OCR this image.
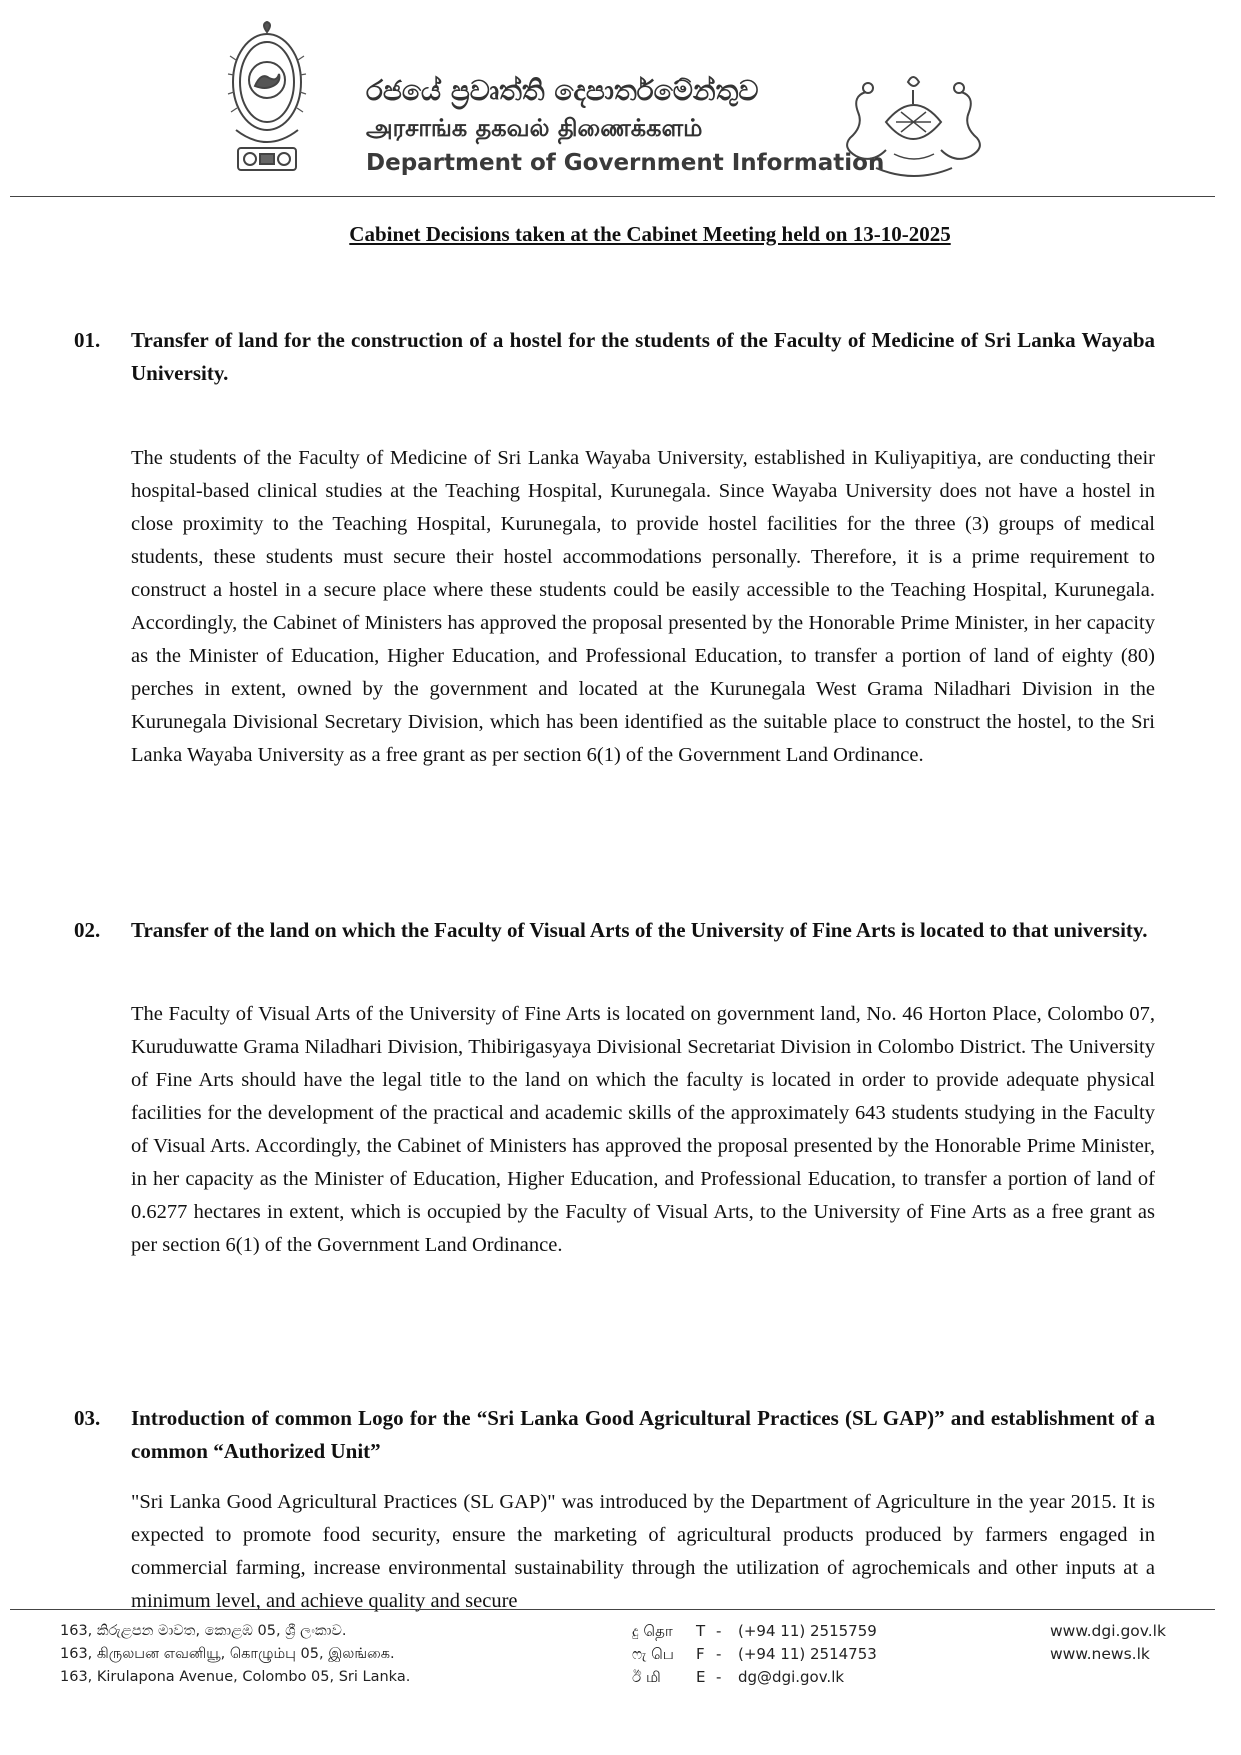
රජයේ ප්‍රවෘත්ති දෙපාර්තමේන්තුව
அரசாங்க தகவல் திணைக்களம்
Department of Government Information
Cabinet Decisions taken at the Cabinet Meeting held on 13-10-2025
01. Transfer of land for the construction of a hostel for the students of the Faculty of Medicine of Sri Lanka Wayaba University.
The students of the Faculty of Medicine of Sri Lanka Wayaba University, established in Kuliyapitiya, are conducting their hospital-based clinical studies at the Teaching Hospital, Kurunegala. Since Wayaba University does not have a hostel in close proximity to the Teaching Hospital, Kurunegala, to provide hostel facilities for the three (3) groups of medical students, these students must secure their hostel accommodations personally. Therefore, it is a prime requirement to construct a hostel in a secure place where these students could be easily accessible to the Teaching Hospital, Kurunegala. Accordingly, the Cabinet of Ministers has approved the proposal presented by the Honorable Prime Minister, in her capacity as the Minister of Education, Higher Education, and Professional Education, to transfer a portion of land of eighty (80) perches in extent, owned by the government and located at the Kurunegala West Grama Niladhari Division in the Kurunegala Divisional Secretary Division, which has been identified as the suitable place to construct the hostel, to the Sri Lanka Wayaba University as a free grant as per section 6(1) of the Government Land Ordinance.
02. Transfer of the land on which the Faculty of Visual Arts of the University of Fine Arts is located to that university.
The Faculty of Visual Arts of the University of Fine Arts is located on government land, No. 46 Horton Place, Colombo 07, Kuruduwatte Grama Niladhari Division, Thibirigasyaya Divisional Secretariat Division in Colombo District. The University of Fine Arts should have the legal title to the land on which the faculty is located in order to provide adequate physical facilities for the development of the practical and academic skills of the approximately 643 students studying in the Faculty of Visual Arts. Accordingly, the Cabinet of Ministers has approved the proposal presented by the Honorable Prime Minister, in her capacity as the Minister of Education, Higher Education, and Professional Education, to transfer a portion of land of 0.6277 hectares in extent, which is occupied by the Faculty of Visual Arts, to the University of Fine Arts as a free grant as per section 6(1) of the Government Land Ordinance.
03. Introduction of common Logo for the “Sri Lanka Good Agricultural Practices (SL GAP)” and establishment of a common “Authorized Unit”
"Sri Lanka Good Agricultural Practices (SL GAP)" was introduced by the Department of Agriculture in the year 2015. It is expected to promote food security, ensure the marketing of agricultural products produced by farmers engaged in commercial farming, increase environmental sustainability through the utilization of agrochemicals and other inputs at a minimum level, and achieve quality and secure
163, කිරුළපන මාවත, කොළඹ 05, ශ්‍රී ලංකාව.
163, கிருலபன எவனியூ, கொழும்பு 05, இலங்கை.
163, Kirulapona Avenue, Colombo 05, Sri Lanka.
දු தொ T - (+94 11) 2515759
ෆැ பெ F - (+94 11) 2514753
ඊ மி E - dg@dgi.gov.lk
www.dgi.gov.lk
www.news.lk
